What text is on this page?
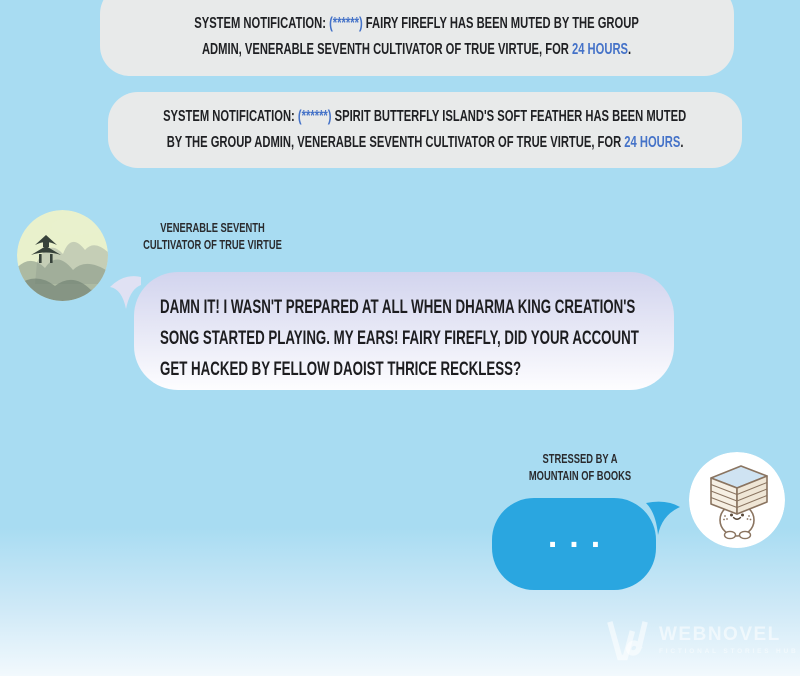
SYSTEM NOTIFICATION: (******) FAIRY FIREFLY HAS BEEN MUTED BY THE GROUP
ADMIN, VENERABLE SEVENTH CULTIVATOR OF TRUE VIRTUE, FOR 24 HOURS.
SYSTEM NOTIFICATION: (******) SPIRIT BUTTERFLY ISLAND'S SOFT FEATHER HAS BEEN MUTED
BY THE GROUP ADMIN, VENERABLE SEVENTH CULTIVATOR OF TRUE VIRTUE, FOR 24 HOURS.
VENERABLE SEVENTH
CULTIVATOR OF TRUE VIRTUE
DAMN IT! I WASN'T PREPARED AT ALL WHEN DHARMA KING CREATION'S
SONG STARTED PLAYING. MY EARS! FAIRY FIREFLY, DID YOUR ACCOUNT
GET HACKED BY FELLOW DAOIST THRICE RECKLESS?
STRESSED BY A
MOUNTAIN OF BOOKS
...
WEBNOVEL
FICTIONAL STORIES HUB
